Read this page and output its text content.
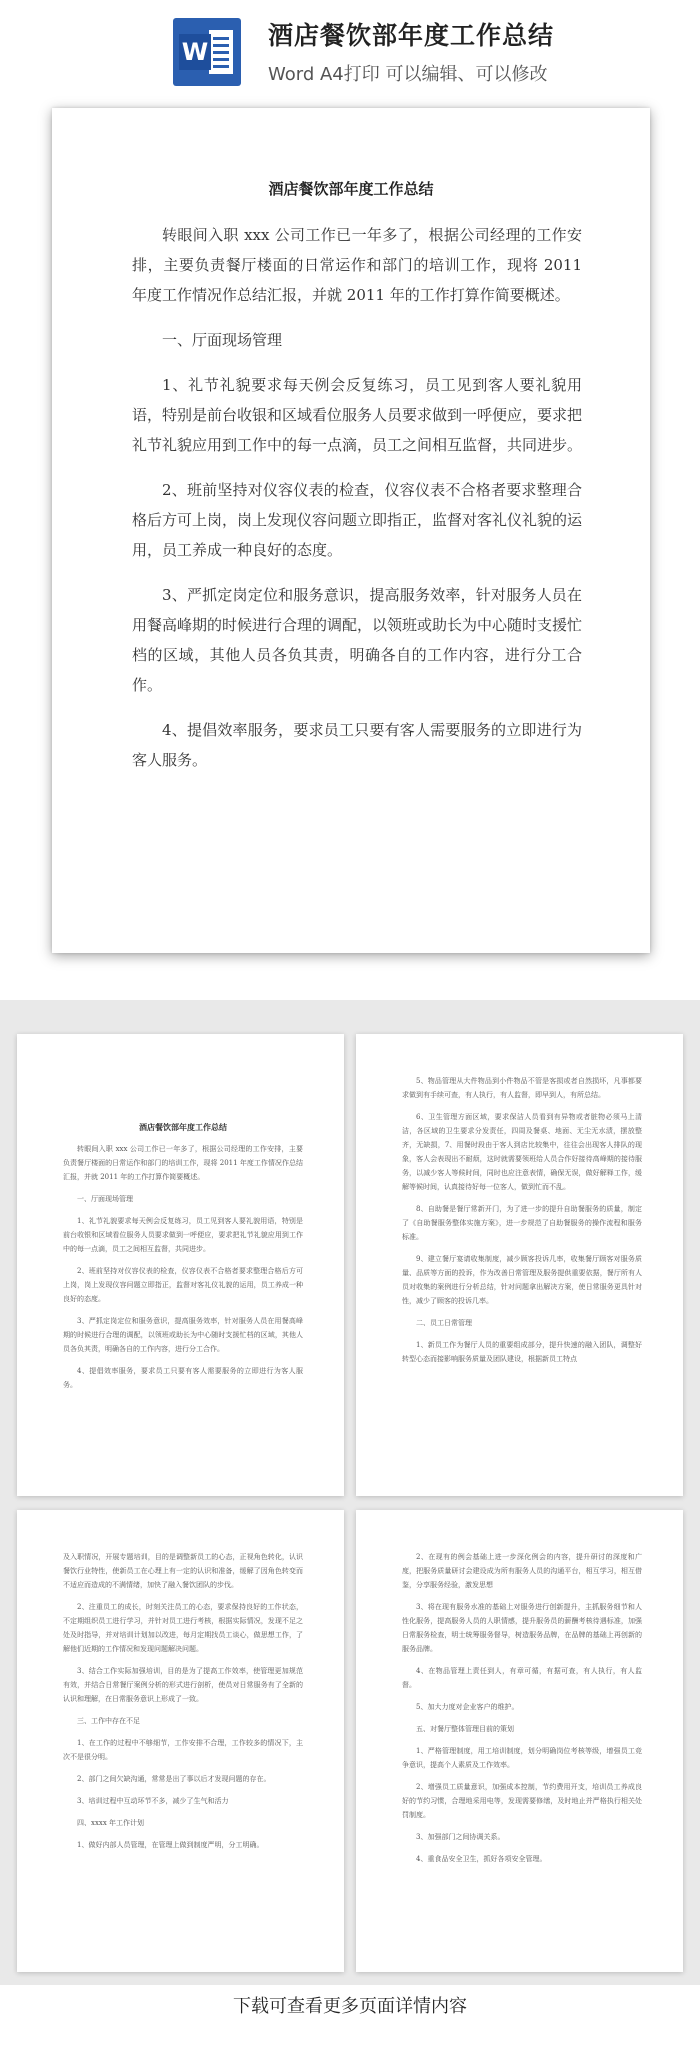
W
酒店餐饮部年度工作总结
Word A4打印 可以编辑、可以修改
酒店餐饮部年度工作总结

转眼间入职 xxx 公司工作已一年多了，根据公司经理的工作安排，主要负责餐厅楼面的日常运作和部门的培训工作，现将 2011 年度工作情况作总结汇报，并就 2011 年的工作打算作简要概述。

一、厅面现场管理

1、礼节礼貌要求每天例会反复练习，员工见到客人要礼貌用语，特别是前台收银和区域看位服务人员要求做到一呼便应，要求把礼节礼貌应用到工作中的每一点滴，员工之间相互监督，共同进步。

2、班前坚持对仪容仪表的检查，仪容仪表不合格者要求整理合格后方可上岗，岗上发现仪容问题立即指正，监督对客礼仪礼貌的运用，员工养成一种良好的态度。

3、严抓定岗定位和服务意识，提高服务效率，针对服务人员在用餐高峰期的时候进行合理的调配，以领班或助长为中心随时支援忙档的区域，其他人员各负其责，明确各自的工作内容，进行分工合作。

4、提倡效率服务，要求员工只要有客人需要服务的立即进行为客人服务。

酒店餐饮部年度工作总结

转眼间入职 xxx 公司工作已一年多了，根据公司经理的工作安排，主要负责餐厅楼面的日常运作和部门的培训工作，现将 2011 年度工作情况作总结汇报，并就 2011 年的工作打算作简要概述。

一、厅面现场管理

1、礼节礼貌要求每天例会反复练习，员工见到客人要礼貌用语，特别是前台收银和区域看位服务人员要求做到一呼便应，要求把礼节礼貌应用到工作中的每一点滴，员工之间相互监督，共同进步。

2、班前坚持对仪容仪表的检查，仪容仪表不合格者要求整理合格后方可上岗，岗上发现仪容问题立即指正，监督对客礼仪礼貌的运用，员工养成一种良好的态度。

3、严抓定岗定位和服务意识，提高服务效率，针对服务人员在用餐高峰期的时候进行合理的调配，以领班或助长为中心随时支援忙档的区域，其他人员各负其责，明确各自的工作内容，进行分工合作。

4、提倡效率服务，要求员工只要有客人需要服务的立即进行为客人服务。

5、物品管理从大件物品到小件物品不管是客损或者自然损坏，凡事都要求做到有手续可查，有人执行，有人监督，即早到人，有所总结。

6、卫生管理方面区域，要求保洁人员看到有异物或者脏物必须马上清洁，各区域的卫生要求分发责任，四周及餐桌、地面、无尘无水渍，摆放整齐，无缺损，7、用餐时段由于客人到店比较集中，往往会出现客人排队的现象，客人会表现出不耐烦，这时就需要领班给人员合作好接待高峰期的接待服务，以减少客人等候时间，同时也应注意表情，确保无误，做好解释工作，缓解等候时间，认真接待好每一位客人，做到忙而不乱。

8、自助餐是餐厅常新开门，为了进一步的提升自助餐服务的质量，制定了《自助餐服务整体实施方案》，进一步规范了自助餐服务的操作流程和服务标准。

9、建立餐厅宴请收集制度，减少顾客投诉几率，收集餐厅顾客对服务质量、品质等方面的投诉，作为改善日常管理及服务提供重要依据，餐厅所有人员对收集的案例进行分析总结，针对问题拿出解决方案，使日常服务更具针对性，减少了顾客的投诉几率。

二、员工日常管理

1、新员工作为餐厅人员的重要组成部分，提升快速的融入团队，调整好转型心态而接影响服务质量及团队建设，根据新员工特点

及入职情况，开展专题培训，目的是调整新员工的心态，正视角色转化，认识餐饮行业特性，使新员工在心理上有一定的认识和准备，缓解了因角色转变而不适应而造成的不满情绪，加快了融入餐饮团队的步伐。

2、注重员工的成长，时刻关注员工的心态，要求保持良好的工作状态，不定期组织员工进行学习，并针对员工进行考核，根据实际情况，发现不足之处及时指导，并对培训计划加以改进，每月定期找员工谈心，做思想工作，了解他们近期的工作情况和发现问题解决问题。

3、结合工作实际加强培训，目的是为了提高工作效率，使管理更加规范有效，并结合日常餐厅案例分析的形式进行剖析，使员对日常服务有了全新的认识和理解，在日常服务意识上形成了一致。

三、工作中存在不足

1、在工作的过程中不够细节，工作安排不合理，工作较多的情况下，主次不是很分明。

2、部门之间欠缺沟通，常常是出了事以后才发现问题的存在。

3、培训过程中互动环节不多，减少了生气和活力

四、xxxx 年工作计划

1、做好内部人员管理，在管理上做到制度严明，分工明确。

2、在现有的例会基础上进一步深化例会的内容，提升研讨的深度和广度，把服务质量研讨会建设成为所有服务人员的沟通平台，相互学习，相互借鉴，分享服务经验，激发思想

3、将在现有服务水准的基础上对服务进行创新提升，主抓服务细节和人性化服务，提高服务人员的人职情感，提升服务员的薪酬考核待遇标准，加强日常服务检查，明士统筹服务督导，树造服务品牌，在品牌的基础上再创新的服务品牌。

4、在物品管理上责任到人，有章可循，有据可查，有人执行，有人监督。

5、加大力度对企业客户的维护。

五、对餐厅整体管理目前的策划

1、严格管理制度，用工培训制度，划分明确岗位考核等级，增强员工竞争意识，提高个人素质及工作效率。

2、增强员工质量意识，加强成本控制，节约费用开支，培训员工养成良好的节约习惯，合理地采用电等，发现需要修缮，及时地止并严格执行相关处罚制度。

3、加强部门之间协调关系。

4、重食品安全卫生，抓好各项安全管理。

下载可查看更多页面详情内容
